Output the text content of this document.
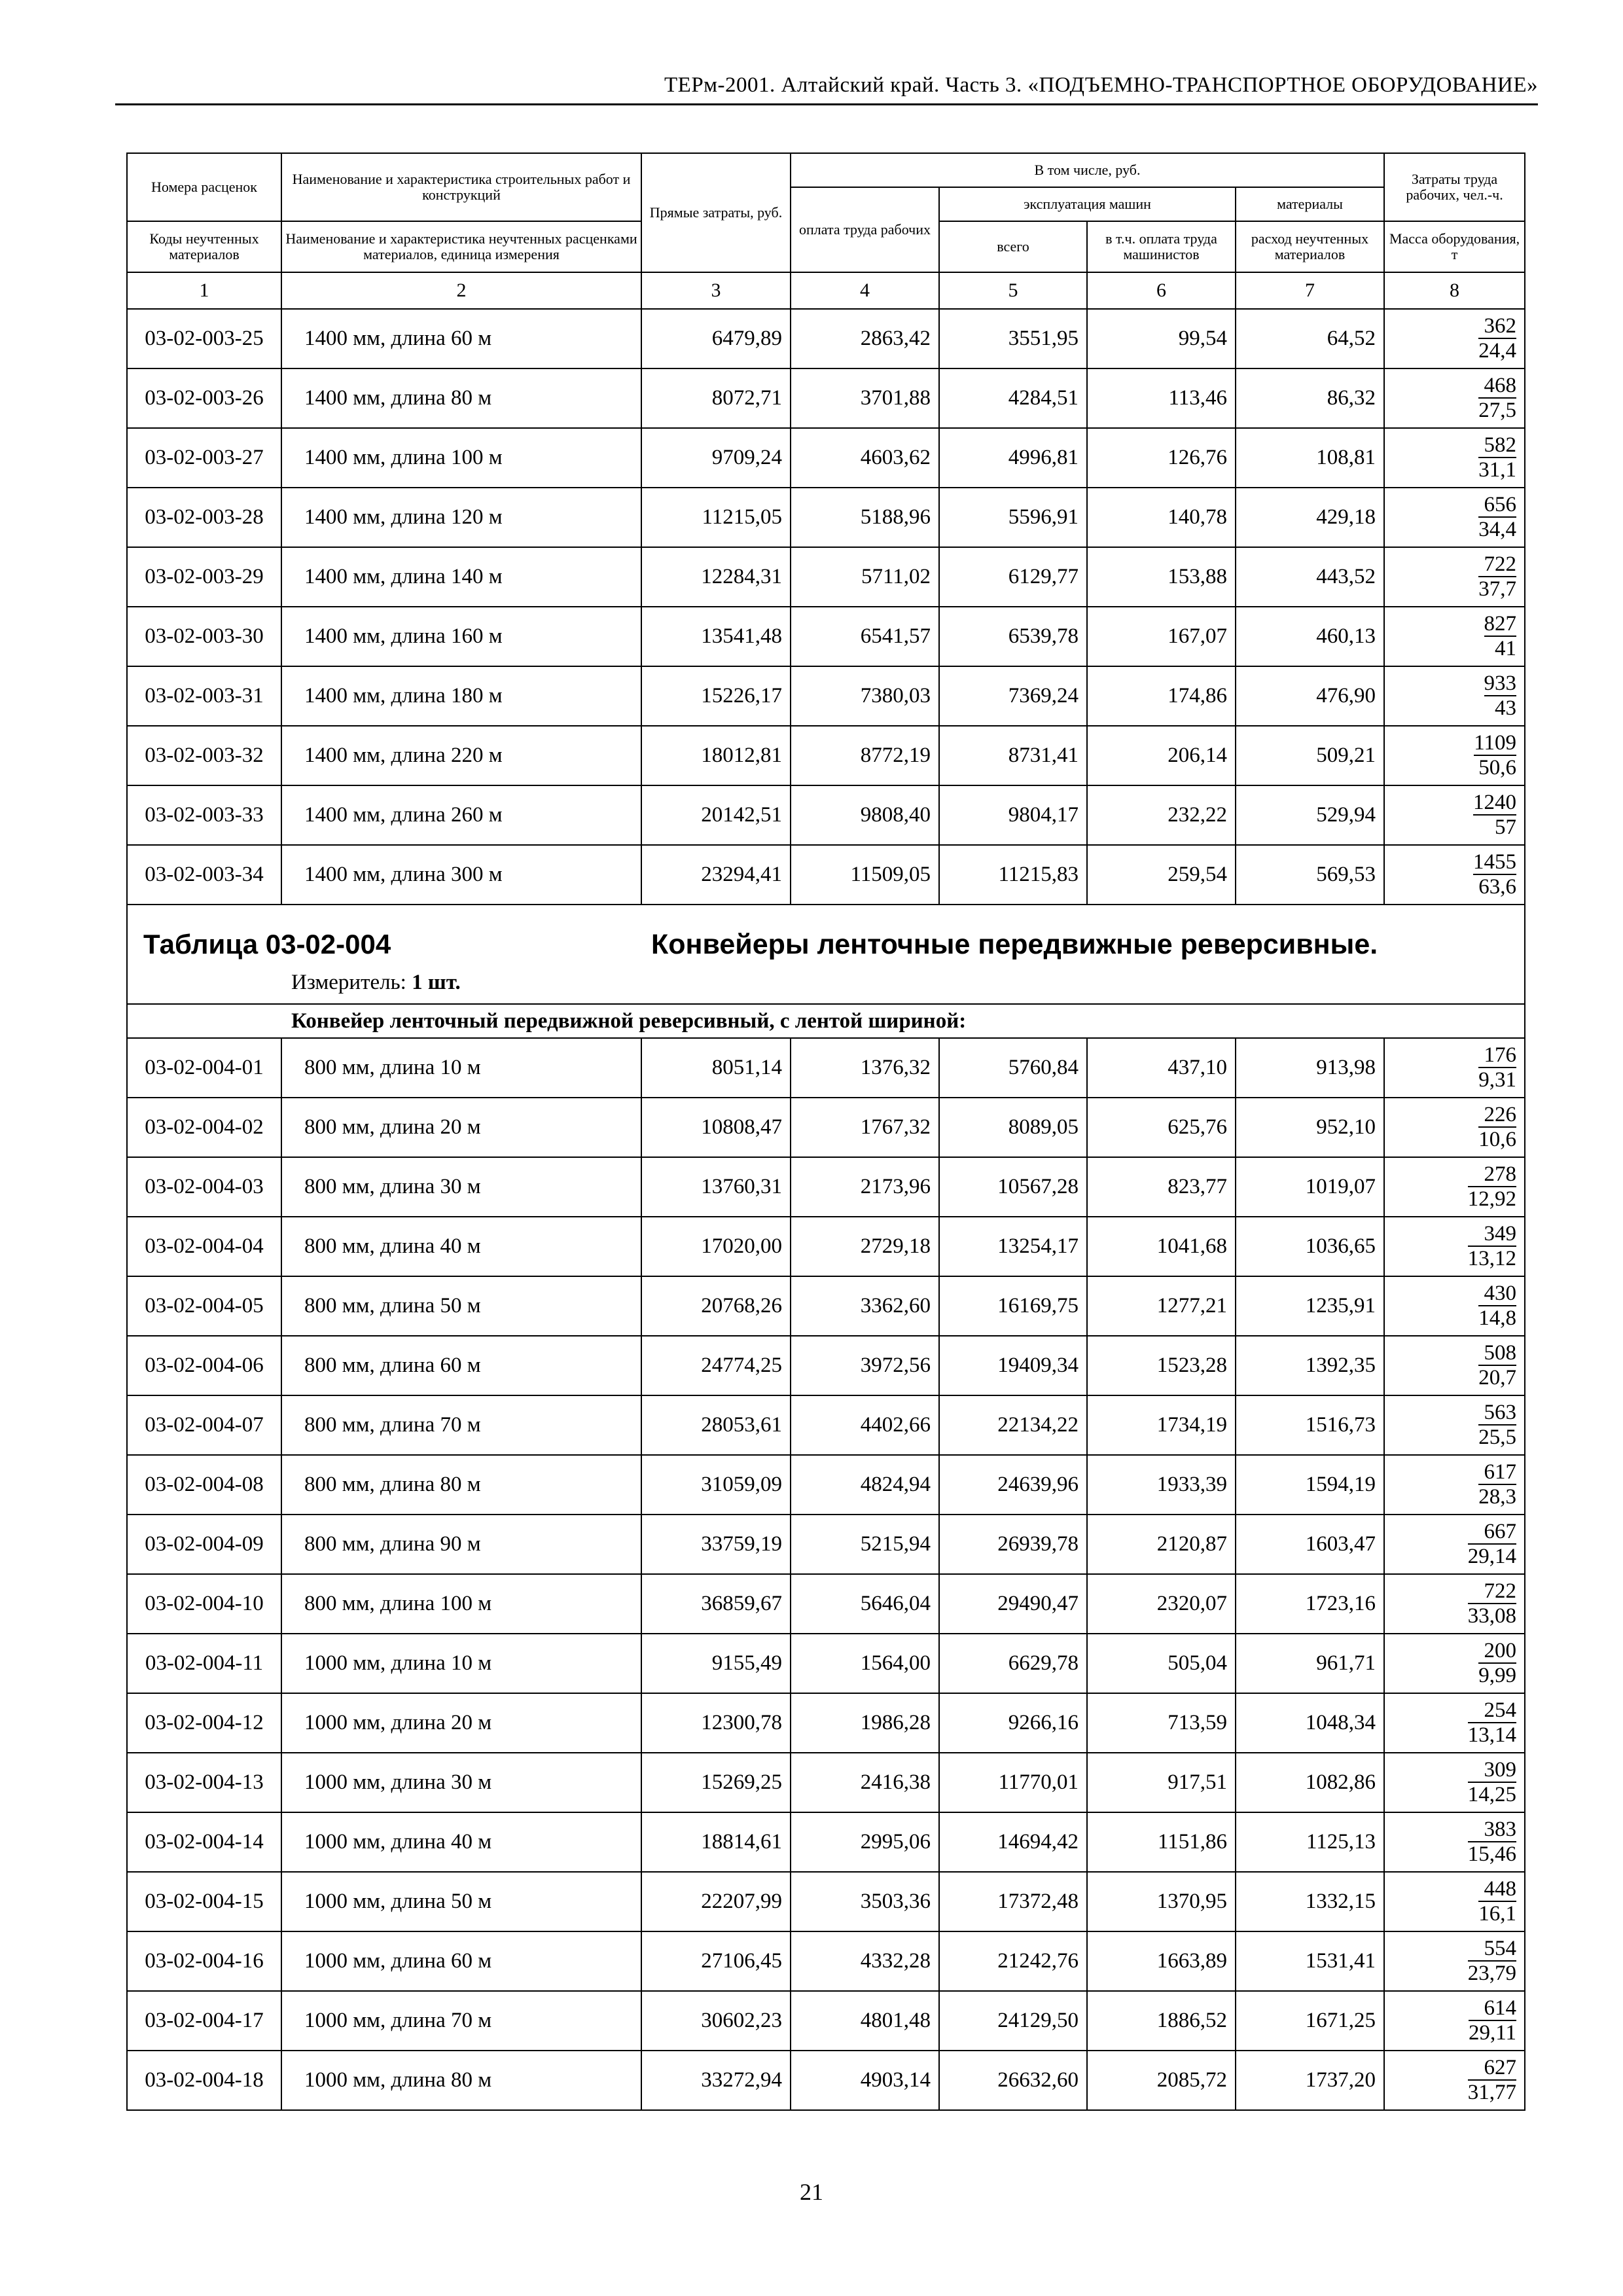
ТЕРм-2001. Алтайский край. Часть 3. «ПОДЪЕМНО-ТРАНСПОРТНОЕ ОБОРУДОВАНИЕ»
Номера расценок	Наименование и характеристика строительных работ и конструкций	Прямые затраты, руб.	В том числе, руб.				Затраты труда рабочих, чел.-ч.
			оплата труда рабочих	эксплуатация машин		материалы	
Коды неучтенных материалов	Наименование и характеристика неучтенных расценками материалов, единица измерения			всего	в т.ч. оплата труда машинистов	расход неучтенных материалов	Масса оборудования, т
1	2	3	4	5	6	7	8
03-02-003-25	1400 мм, длина 60 м	6479,89	2863,42	3551,95	99,54	64,52	$\frac{362}{24,4}$

03-02-003-26	1400 мм, длина 80 м	8072,71	3701,88	4284,51	113,46	86,32	$\frac{468}{27,5}$

03-02-003-27	1400 мм, длина 100 м	9709,24	4603,62	4996,81	126,76	108,81	$\frac{582}{31,1}$

03-02-003-28	1400 мм, длина 120 м	11215,05	5188,96	5596,91	140,78	429,18	$\frac{656}{34,4}$

03-02-003-29	1400 мм, длина 140 м	12284,31	5711,02	6129,77	153,88	443,52	$\frac{722}{37,7}$

03-02-003-30	1400 мм, длина 160 м	13541,48	6541,57	6539,78	167,07	460,13	$\frac{827}{41}$

03-02-003-31	1400 мм, длина 180 м	15226,17	7380,03	7369,24	174,86	476,90	$\frac{933}{43}$

03-02-003-32	1400 мм, длина 220 м	18012,81	8772,19	8731,41	206,14	509,21	$\frac{1109}{50,6}$

03-02-003-33	1400 мм, длина 260 м	20142,51	9808,40	9804,17	232,22	529,94	$\frac{1240}{57}$

03-02-003-34	1400 мм, длина 300 м	23294,41	11509,05	11215,83	259,54	569,53	$\frac{1455}{63,6}$

Таблица 03-02-004 Конвейеры ленточные передвижные реверсивные.
Измеритель: 1 шт.							

Конвейер ленточный передвижной реверсивный, с лентой шириной:							
03-02-004-01	800 мм, длина 10 м	8051,14	1376,32	5760,84	437,10	913,98	$\frac{176}{9,31}$

03-02-004-02	800 мм, длина 20 м	10808,47	1767,32	8089,05	625,76	952,10	$\frac{226}{10,6}$

03-02-004-03	800 мм, длина 30 м	13760,31	2173,96	10567,28	823,77	1019,07	$\frac{278}{12,92}$

03-02-004-04	800 мм, длина 40 м	17020,00	2729,18	13254,17	1041,68	1036,65	$\frac{349}{13,12}$

03-02-004-05	800 мм, длина 50 м	20768,26	3362,60	16169,75	1277,21	1235,91	$\frac{430}{14,8}$

03-02-004-06	800 мм, длина 60 м	24774,25	3972,56	19409,34	1523,28	1392,35	$\frac{508}{20,7}$

03-02-004-07	800 мм, длина 70 м	28053,61	4402,66	22134,22	1734,19	1516,73	$\frac{563}{25,5}$

03-02-004-08	800 мм, длина 80 м	31059,09	4824,94	24639,96	1933,39	1594,19	$\frac{617}{28,3}$

03-02-004-09	800 мм, длина 90 м	33759,19	5215,94	26939,78	2120,87	1603,47	$\frac{667}{29,14}$

03-02-004-10	800 мм, длина 100 м	36859,67	5646,04	29490,47	2320,07	1723,16	$\frac{722}{33,08}$

03-02-004-11	1000 мм, длина 10 м	9155,49	1564,00	6629,78	505,04	961,71	$\frac{200}{9,99}$

03-02-004-12	1000 мм, длина 20 м	12300,78	1986,28	9266,16	713,59	1048,34	$\frac{254}{13,14}$

03-02-004-13	1000 мм, длина 30 м	15269,25	2416,38	11770,01	917,51	1082,86	$\frac{309}{14,25}$

03-02-004-14	1000 мм, длина 40 м	18814,61	2995,06	14694,42	1151,86	1125,13	$\frac{383}{15,46}$

03-02-004-15	1000 мм, длина 50 м	22207,99	3503,36	17372,48	1370,95	1332,15	$\frac{448}{16,1}$

03-02-004-16	1000 мм, длина 60 м	27106,45	4332,28	21242,76	1663,89	1531,41	$\frac{554}{23,79}$

03-02-004-17	1000 мм, длина 70 м	30602,23	4801,48	24129,50	1886,52	1671,25	$\frac{614}{29,11}$

03-02-004-18	1000 мм, длина 80 м	33272,94	4903,14	26632,60	2085,72	1737,20	$\frac{627}{31,77}$
21
